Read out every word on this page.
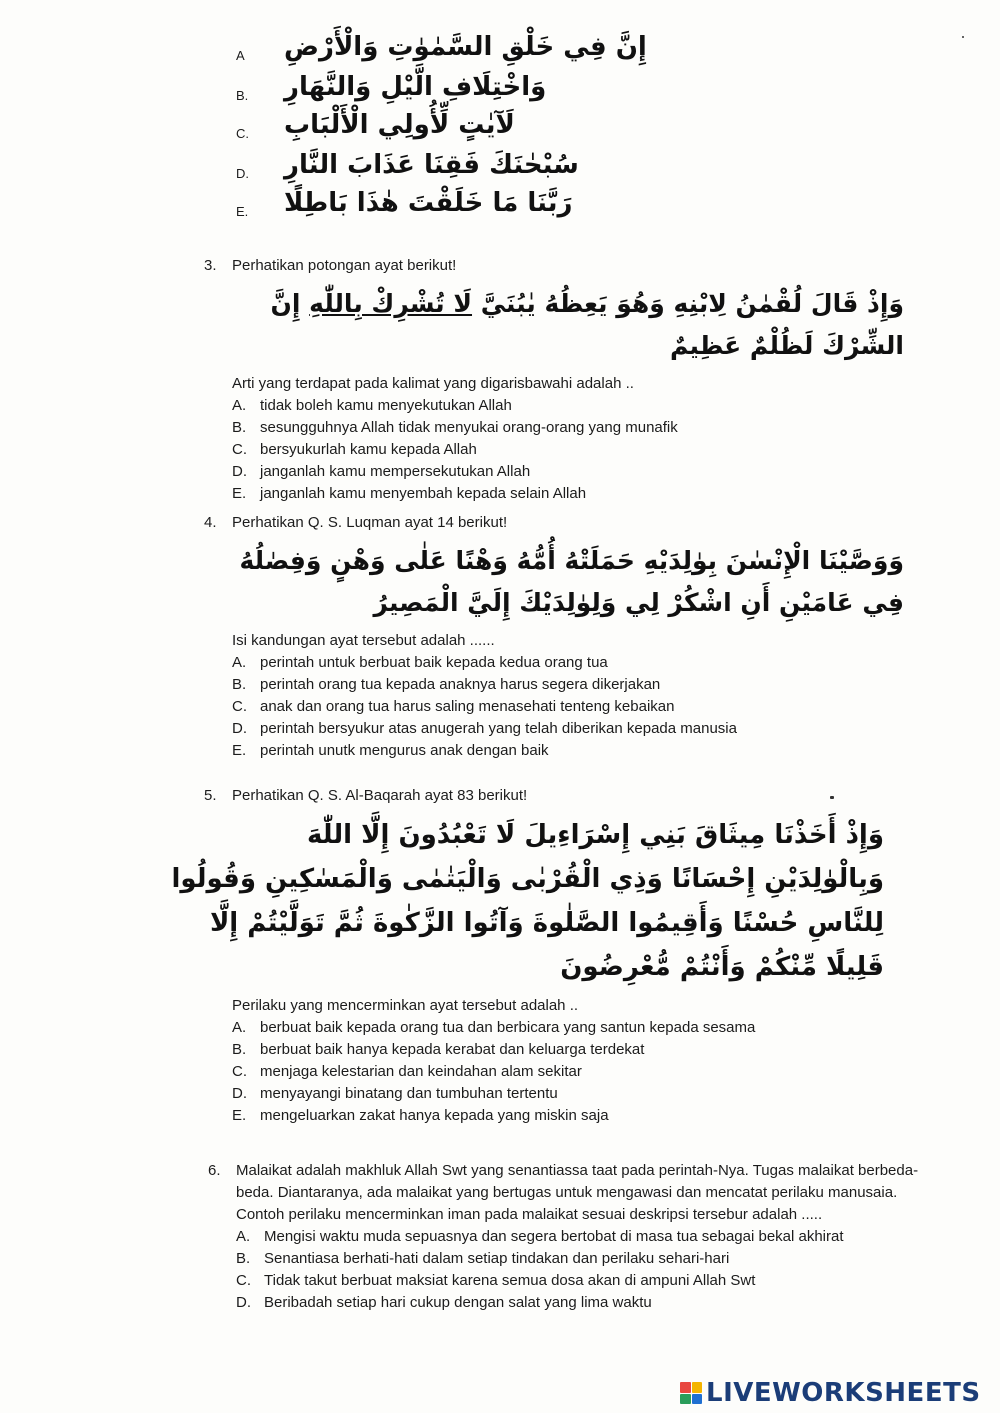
A	إِنَّ فِي خَلْقِ السَّمٰوٰتِ وَالْأَرْضِ
B.	وَاخْتِلَافِ الَّيْلِ وَالنَّهَارِ
C.	لَآيٰتٍ لِّأُولِي الْأَلْبَابِ
D.	سُبْحٰنَكَ فَقِنَا عَذَابَ النَّارِ
E.	رَبَّنَا مَا خَلَقْتَ هٰذَا بَاطِلًا
3.	Perhatikan potongan ayat berikut!

وَإِذْ قَالَ لُقْمٰنُ لِابْنِهِ وَهُوَ يَعِظُهُ يٰبُنَيَّ لَا تُشْرِكْ بِاللّٰهِ إِنَّ
الشِّرْكَ لَظُلْمٌ عَظِيمٌ

Arti yang terdapat pada kalimat yang digarisbawahi adalah ..

A. tidak boleh kamu menyekutukan Allah
B. sesungguhnya Allah tidak menyukai orang-orang yang munafik
C. bersyukurlah kamu kepada Allah
D. janganlah kamu mempersekutukan Allah
E. janganlah kamu menyembah kepada selain Allah
4.	Perhatikan Q. S. Luqman ayat 14 berikut!

وَوَصَّيْنَا الْإِنْسٰنَ بِوٰلِدَيْهِ حَمَلَتْهُ أُمُّهُ وَهْنًا عَلٰى وَهْنٍ وَفِصٰلُهُ
فِي عَامَيْنِ أَنِ اشْكُرْ لِي وَلِوٰلِدَيْكَ إِلَيَّ الْمَصِيرُ

Isi kandungan ayat tersebut adalah ......

A. perintah untuk berbuat baik kepada kedua orang tua
B. perintah orang tua kepada anaknya harus segera dikerjakan
C. anak dan orang tua harus saling menasehati tenteng kebaikan
D. perintah bersyukur atas anugerah yang telah diberikan kepada manusia
E. perintah unutk mengurus anak dengan baik
5.	Perhatikan Q. S. Al-Baqarah ayat 83 berikut!

وَإِذْ أَخَذْنَا مِيثَاقَ بَنِي إِسْرَاءِيلَ لَا تَعْبُدُونَ إِلَّا اللّٰهَ
وَبِالْوٰلِدَيْنِ إِحْسَانًا وَذِي الْقُرْبٰى وَالْيَتٰمٰى وَالْمَسٰكِينِ وَقُولُوا
لِلنَّاسِ حُسْنًا وَأَقِيمُوا الصَّلٰوةَ وَآتُوا الزَّكٰوةَ ثُمَّ تَوَلَّيْتُمْ إِلَّا
قَلِيلًا مِّنْكُمْ وَأَنْتُمْ مُّعْرِضُونَ

Perilaku yang mencerminkan ayat tersebut adalah ..

A. berbuat baik kepada orang tua dan berbicara yang santun kepada sesama
B. berbuat baik hanya kepada kerabat dan keluarga terdekat
C. menjaga kelestarian dan keindahan alam sekitar
D. menyayangi binatang dan tumbuhan tertentu
E. mengeluarkan zakat hanya kepada yang miskin saja
6.	Malaikat adalah makhluk Allah Swt yang senantiassa taat pada perintah-Nya. Tugas malaikat berbeda-beda. Diantaranya, ada malaikat yang bertugas untuk mengawasi dan mencatat perilaku manusaia.

Contoh perilaku mencerminkan iman pada malaikat sesuai deskripsi tersebur adalah .....

A. Mengisi waktu muda sepuasnya dan segera bertobat di masa tua sebagai bekal akhirat
B. Senantiasa berhati-hati dalam setiap tindakan dan perilaku sehari-hari
C. Tidak takut berbuat maksiat karena semua dosa akan di ampuni Allah Swt
D. Beribadah setiap hari cukup dengan salat yang lima waktu
LIVEWORKSHEETS
